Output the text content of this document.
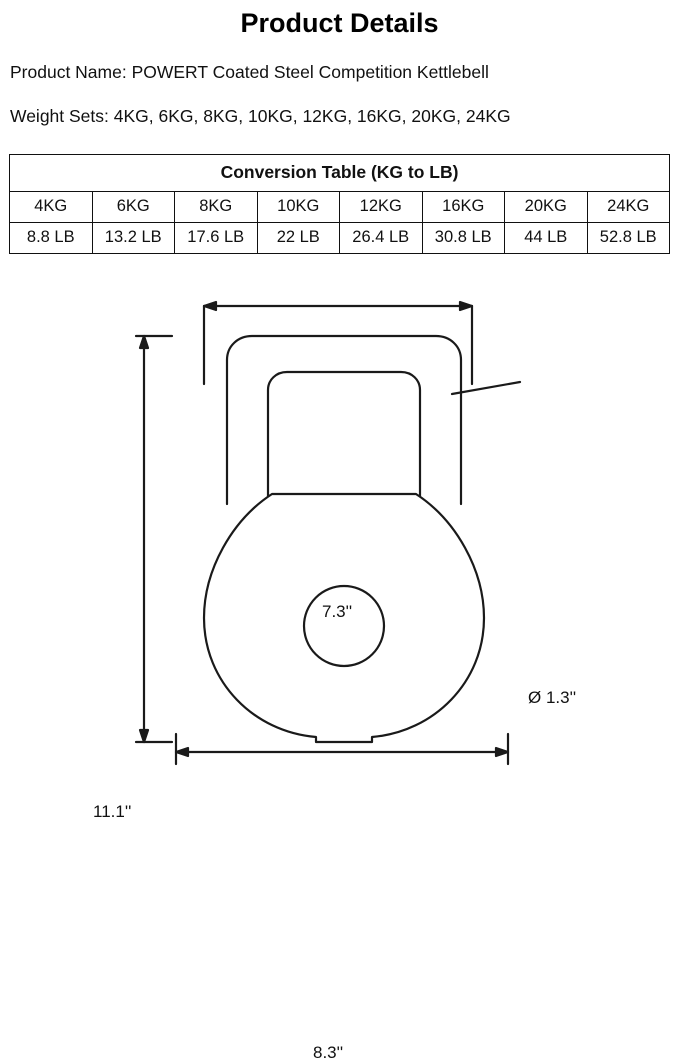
Product Details
Product Name: POWERT Coated Steel Competition Kettlebell
Weight Sets: 4KG, 6KG, 8KG, 10KG, 12KG, 16KG, 20KG, 24KG
Conversion Table (KG to LB)							
4KG	6KG	8KG	10KG	12KG	16KG	20KG	24KG
8.8 LB	13.2 LB	17.6 LB	22 LB	26.4 LB	30.8 LB	44 LB	52.8 LB
7.3''
11.1''
8.3''
Ø 1.3''
